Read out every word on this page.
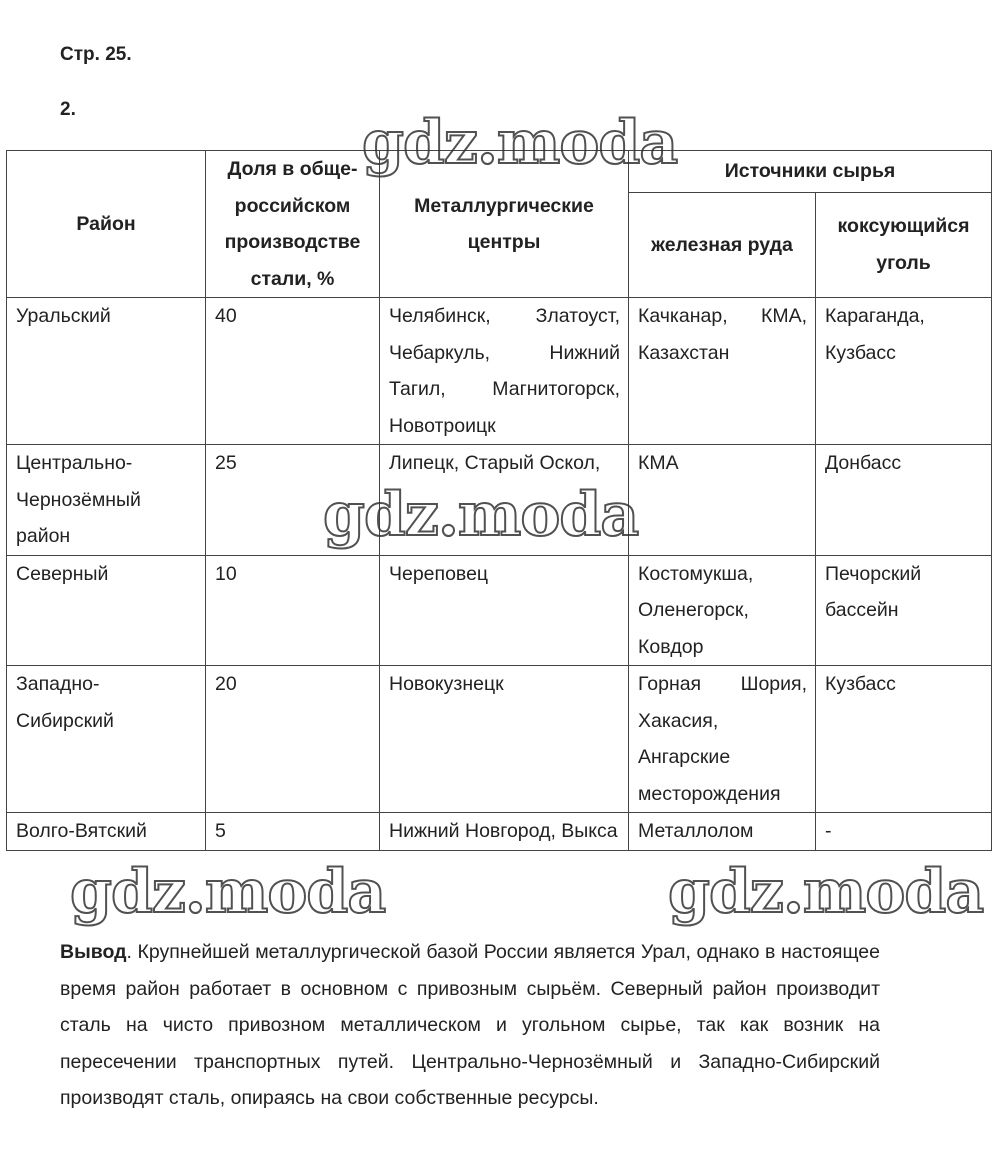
Стр. 25.
2.
Район	Доля в обще-российском производстве стали, %	Металлургические центры	Источники сырья	
			железная руда	коксующийся уголь
Уральский	40	Челябинск, Златоуст, Чебаркуль, Нижний Тагил, Магнитогорск, Новотроицк	Качканар, КМА, Казахстан	Караганда, Кузбасс
Центрально-Чернозёмный район	25	Липецк, Старый Оскол,	КМА	Донбасс
Северный	10	Череповец	Костомукша, Оленегорск, Ковдор	Печорский бассейн
Западно-Сибирский	20	Новокузнецк	Горная Шория, Хакасия, Ангарские месторождения	Кузбасс
Волго-Вятский	5	Нижний Новгород, Выкса	Металлолом	-
gdz.moda
gdz.moda
gdz.moda	gdz.moda
Вывод. Крупнейшей металлургической базой России является Урал, однако в настоящее время район работает в основном с привозным сырьём. Северный район производит сталь на чисто привозном металлическом и угольном сырье, так как возник на пересечении транспортных путей. Центрально-Чернозёмный и Западно-Сибирский производят сталь, опираясь на свои собственные ресурсы.
